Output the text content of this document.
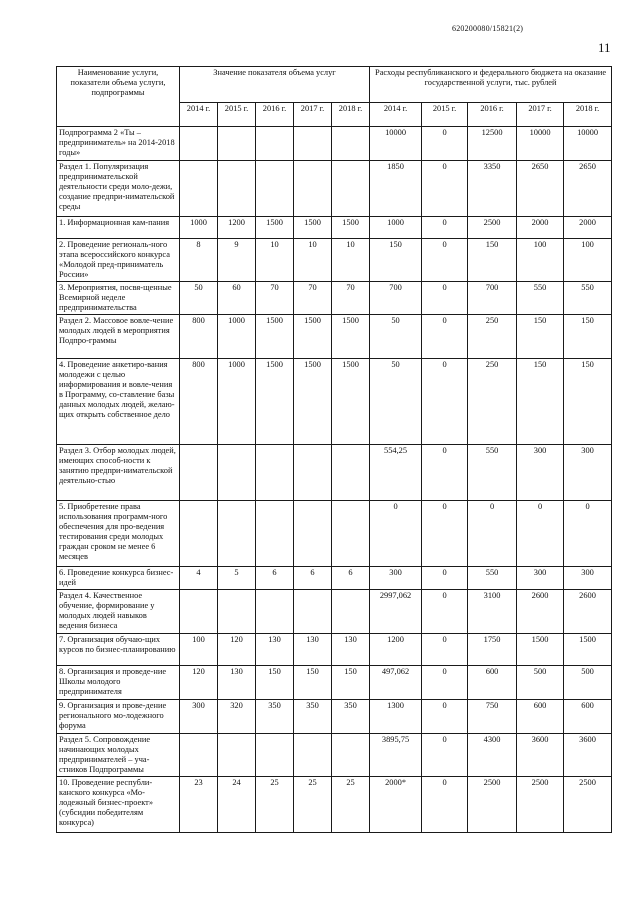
620200080/15821(2)
11
Наименование услуги, показатели объема услуги, подпрограммы	Значение показателя объема услуг					Расходы республиканского и федерального бюджета на оказание государственной услуги, тыс. рублей				
	2014 г.	2015 г.	2016 г.	2017 г.	2018 г.	2014 г.	2015 г.	2016 г.	2017 г.	2018 г.
Подпрограмма 2 «Ты – предприниматель» на 2014-2018 годы»						10000	0	12500	10000	10000
Раздел 1. Популяризация предпринимательской деятельности среди моло-дежи, создание предпри-нимательской среды						1850	0	3350	2650	2650
1. Информационная кам-пания	1000	1200	1500	1500	1500	1000	0	2500	2000	2000
2. Проведение региональ-ного этапа всероссийского конкурса «Молодой пред-приниматель России»	8	9	10	10	10	150	0	150	100	100
3. Мероприятия, посвя-щенные Всемирной неделе предпринимательства	50	60	70	70	70	700	0	700	550	550
Раздел 2. Массовое вовле-чение молодых людей в мероприятия Подпро-граммы	800	1000	1500	1500	1500	50	0	250	150	150
4. Проведение анкетиро-вания молодежи с целью информирования и вовле-чения в Программу, со-ставление базы данных молодых людей, желаю-щих открыть собственное дело	800	1000	1500	1500	1500	50	0	250	150	150
Раздел 3. Отбор молодых людей, имеющих способ-ности к занятию предпри-нимательской деятельно-стью						554,25	0	550	300	300
5. Приобретение права использования программ-ного обеспечения для про-ведения тестирования среди молодых граждан сроком не менее 6 месяцев						0	0	0	0	0
6. Проведение конкурса бизнес-идей	4	5	6	6	6	300	0	550	300	300
Раздел 4. Качественное обучение, формирование у молодых людей навыков ведения бизнеса						2997,062	0	3100	2600	2600
7. Организация обучаю-щих курсов по бизнес-планированию	100	120	130	130	130	1200	0	1750	1500	1500
8. Организация и проведе-ние Школы молодого предпринимателя	120	130	150	150	150	497,062	0	600	500	500
9. Организация и прове-дение регионального мо-лодежного форума	300	320	350	350	350	1300	0	750	600	600
Раздел 5. Сопровождение начинающих молодых предпринимателей – уча-стников Подпрограммы						3895,75	0	4300	3600	3600
10. Проведение республи-канского конкурса «Мо-лодежный бизнес-проект» (субсидии победителям конкурса)	23	24	25	25	25	2000*	0	2500	2500	2500
